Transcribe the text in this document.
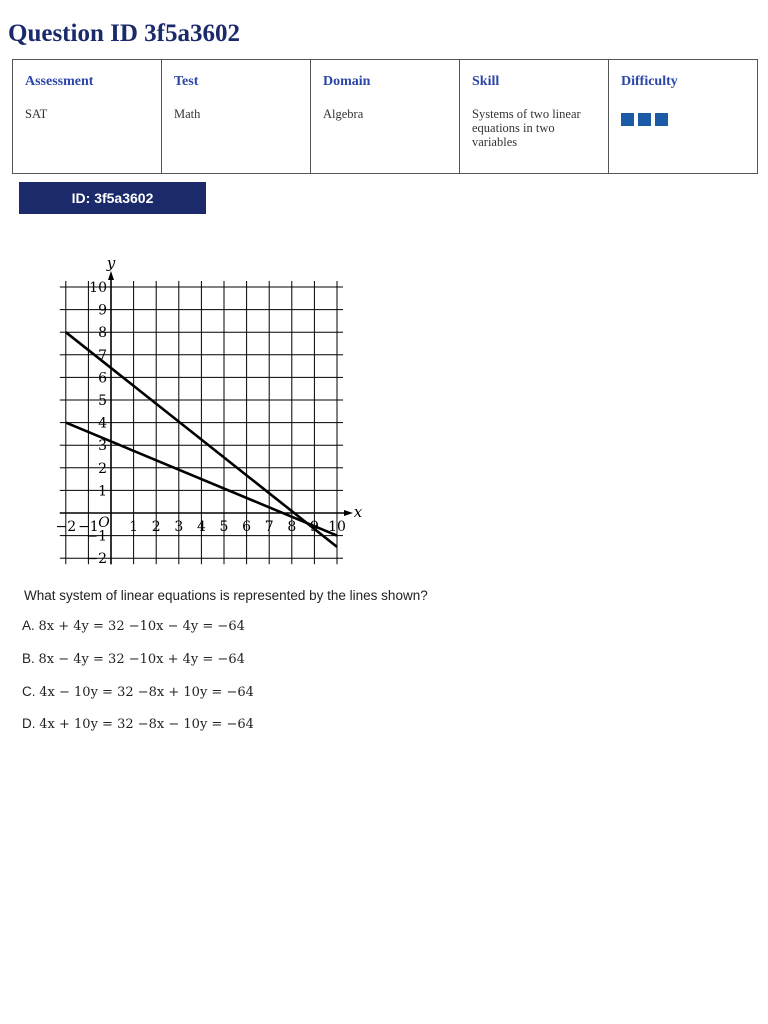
Question ID 3f5a3602
Assessment
SAT

Test
Math

Domain
Algebra

Skill
Systems of two linear equations in two variables

Difficulty
ID: 3f5a3602
x
y
O
−2 −1 1 2 3 4 5 6 7 8 10
10
9
8
7
6
5
4
3
2
1
−1
−2
What system of linear equations is represented by the lines shown?
A. 8x + 4y = 32 −10x − 4y = −64
B. 8x − 4y = 32 −10x + 4y = −64
C. 4x − 10y = 32 −8x + 10y = −64
D. 4x + 10y = 32 −8x − 10y = −64
